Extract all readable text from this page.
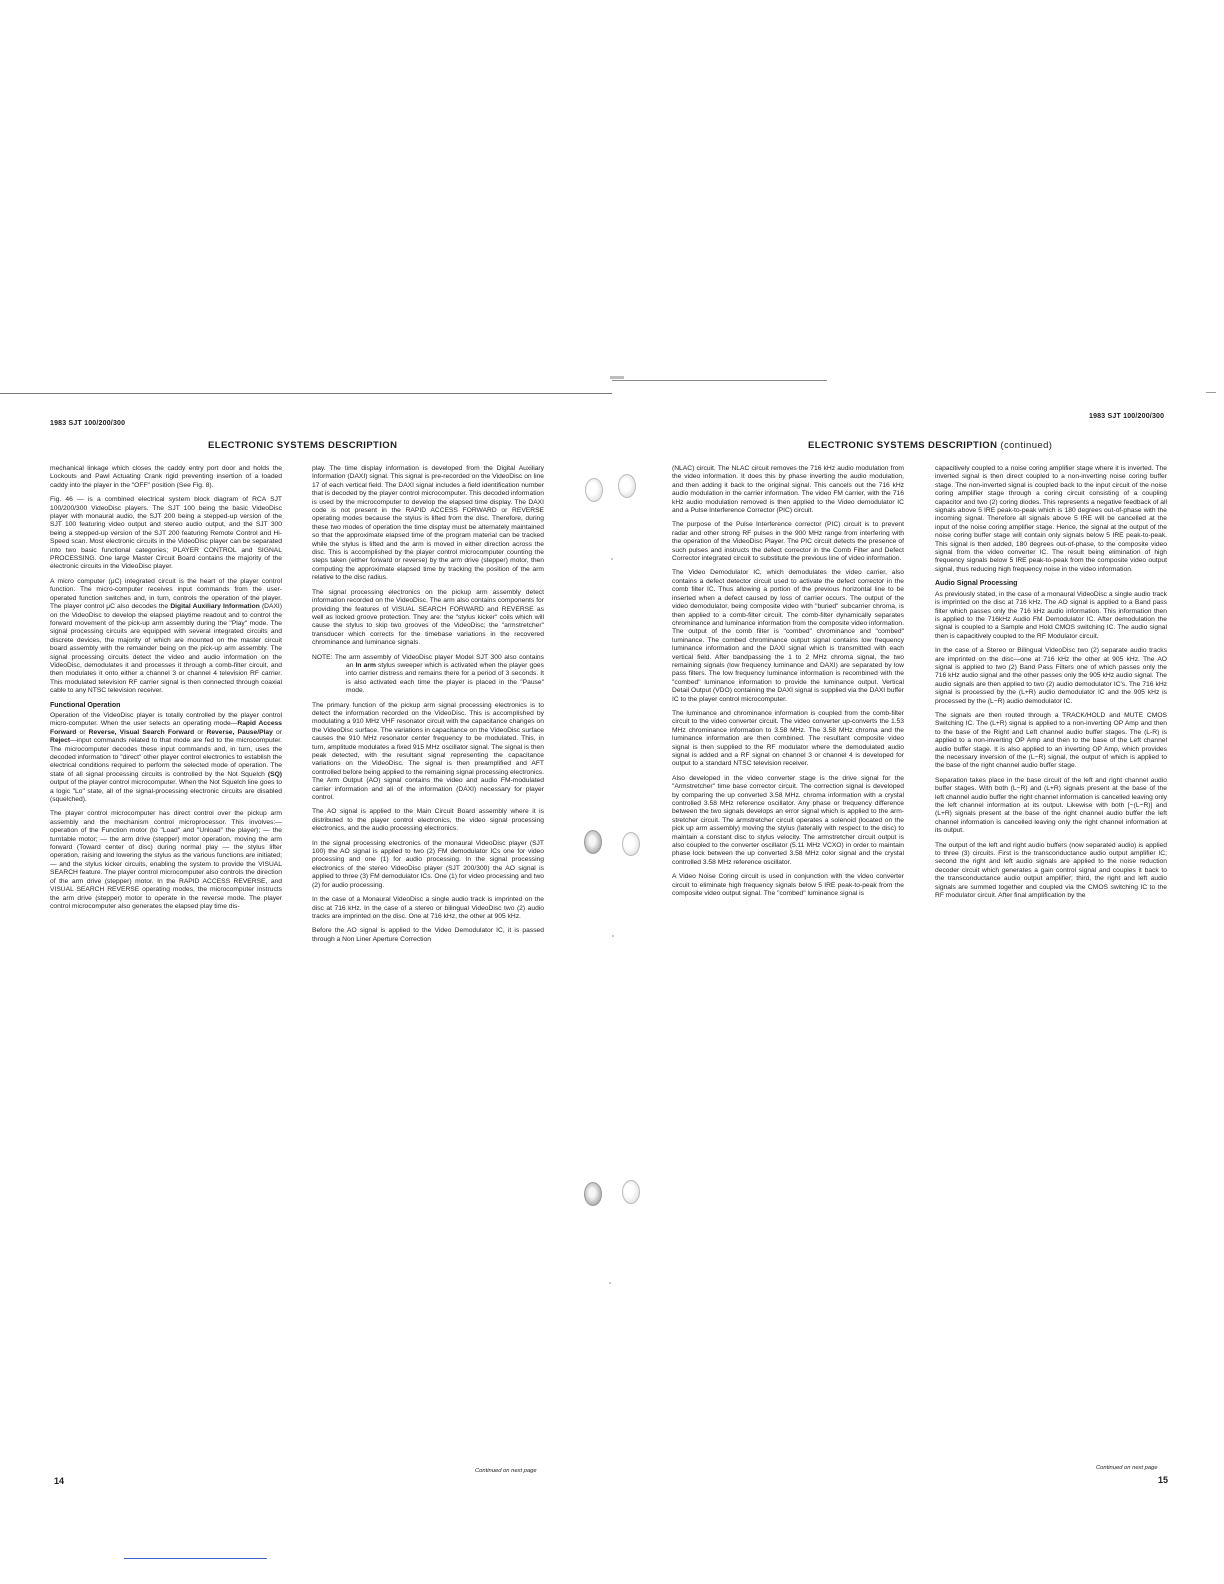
1983 SJT 100/200/300
ELECTRONIC SYSTEMS DESCRIPTION

mechanical linkage which closes the caddy entry port door and holds the Lockouts and Pawl Actuating Crank rigid preventing insertion of a loaded caddy into the player in the "OFF" position (See Fig. 8).

Fig. 46 — is a combined electrical system block diagram of RCA SJT 100/200/300 VideoDisc players. The SJT 100 being the basic VideoDisc player with monaural audio, the SJT 200 being a stepped-up version of the SJT 100 featuring video output and stereo audio output, and the SJT 300 being a stepped-up version of the SJT 200 featuring Remote Control and Hi-Speed scan. Most electronic circuits in the VideoDisc player can be separated into two basic functional categories; PLAYER CONTROL and SIGNAL PROCESSING. One large Master Circuit Board contains the majority of the electronic circuits in the VideoDisc player.

A micro computer (μC) integrated circuit is the heart of the player control function. The micro-computer receives input commands from the user-operated function switches and, in turn, controls the operation of the player. The player control μC also decodes the Digital Auxiliary Information (DAXI) on the VideoDisc to develop the elapsed playtime readout and to control the forward movement of the pick-up arm assembly during the "Play" mode. The signal processing circuits are equipped with several integrated circuits and discrete devices, the majority of which are mounted on the master circuit board assembly with the remainder being on the pick-up arm assembly. The signal processing circuits detect the video and audio information on the VideoDisc, demodulates it and processes it through a comb-filter circuit, and then modulates it onto either a channel 3 or channel 4 television RF carrier. This modulated television RF carrier signal is then connected through coaxial cable to any NTSC television receiver.

Functional Operation

Operation of the VideoDisc player is totally controlled by the player control micro-computer. When the user selects an operating mode—Rapid Access Forward or Reverse, Visual Search Forward or Reverse, Pause/Play or Reject—input commands related to that mode are fed to the microcomputer. The microcomputer decodes these input commands and, in turn, uses the decoded information to "direct" other player control electronics to establish the electrical conditions required to perform the selected mode of operation. The state of all signal processing circuits is controlled by the Not Squelch (SQ) output of the player control microcomputer. When the Not Squelch line goes to a logic "Lo" state, all of the signal-processing electronic circuits are disabled (squelched).

The player control microcomputer has direct control over the pickup arm assembly and the mechanism control microprocessor. This involves:—operation of the Function motor (to "Load" and "Unload" the player); — the turntable motor; — the arm drive (stepper) motor operation, moving the arm forward (Toward center of disc) during normal play — the stylus lifter operation, raising and lowering the stylus as the various functions are initiated; — and the stylus kicker circuits, enabling the system to provide the VISUAL SEARCH feature. The player control microcomputer also controls the direction of the arm drive (stepper) motor. In the RAPID ACCESS REVERSE, and VISUAL SEARCH REVERSE operating modes, the microcomputer instructs the arm drive (stepper) motor to operate in the reverse mode. The player control microcomputer also generates the elapsed play time dis-

play. The time display information is developed from the Digital Auxiliary Information (DAXI) signal. This signal is pre-recorded on the VideoDisc on line 17 of each vertical field. The DAXI signal includes a field identification number that is decoded by the player control microcomputer. This decoded information is used by the microcomputer to develop the elapsed time display. The DAXI code is not present in the RAPID ACCESS FORWARD or REVERSE operating modes because the stylus is lifted from the disc. Therefore, during these two modes of operation the time display must be alternately maintained so that the approximate elapsed time of the program material can be tracked while the stylus is lifted and the arm is moved in either direction across the disc. This is accomplished by the player control microcomputer counting the steps taken (either forward or reverse) by the arm drive (stepper) motor, then computing the approximate elapsed time by tracking the position of the arm relative to the disc radius.

The signal processing electronics on the pickup arm assembly detect information recorded on the VideoDisc. The arm also contains components for providing the features of VISUAL SEARCH FORWARD and REVERSE as well as locked groove protection. They are: the "stylus kicker" coils which will cause the stylus to skip two grooves of the VideoDisc; the "armstretcher" transducer which corrects for the timebase variations in the recovered chrominance and luminance signals.

NOTE: The arm assembly of VideoDisc player Model SJT 300 also contains an In arm stylus sweeper which is activated when the player goes into carrier distress and remains there for a period of 3 seconds. It is also activated each time the player is placed in the "Pause" mode.

The primary function of the pickup arm signal processing electronics is to detect the information recorded on the VideoDisc. This is accomplished by modulating a 910 MHz VHF resonator circuit with the capacitance changes on the VideoDisc surface. The variations in capacitance on the VideoDisc surface causes the 910 MHz resonator center frequency to be modulated. This, in turn, amplitude modulates a fixed 915 MHz oscillator signal. The signal is then peak detected, with the resultant signal representing the capacitance variations on the VideoDisc. The signal is then preamplified and AFT controlled before being applied to the remaining signal processing electronics. The Arm Output (AO) signal contains the video and audio FM-modulated carrier information and all of the information (DAXI) necessary for player control.

The AO signal is applied to the Main Circuit Board assembly where it is distributed to the player control electronics, the video signal processing electronics, and the audio processing electronics.

In the signal processing electronics of the monaural VideoDisc player (SJT 100) the AO signal is applied to two (2) FM demodulator ICs one for video processing and one (1) for audio processing. In the signal processing electronics of the stereo VideoDisc player (SJT 200/300) the AO signal is applied to three (3) FM demodulator ICs. One (1) for video processing and two (2) for audio processing.

In the case of a Monaural VideoDisc a single audio track is imprinted on the disc at 716 kHz. In the case of a stereo or bilingual VideoDisc two (2) audio tracks are imprinted on the disc. One at 716 kHz, the other at 905 kHz.

Before the AO signal is applied to the Video Demodulator IC, it is passed through a Non Liner Aperture Correction

Continued on next page
14
1983 SJT 100/200/300
ELECTRONIC SYSTEMS DESCRIPTION (continued)

(NLAC) circuit. The NLAC circuit removes the 716 kHz audio modulation from the video information. It does this by phase inverting the audio modulation, and then adding it back to the original signal. This cancels out the 716 kHz audio modulation in the carrier information. The video FM carrier, with the 716 kHz audio modulation removed is then applied to the Video demodulator IC and a Pulse Interference Corrector (PIC) circuit.

The purpose of the Pulse Interference corrector (PIC) circuit is to prevent radar and other strong RF pulses in the 900 MHz range from interfering with the operation of the VideoDisc Player. The PIC circuit detects the presence of such pulses and instructs the defect corrector in the Comb Filter and Defect Corrector integrated circuit to substitute the previous line of video information.

The Video Demodulator IC, which demodulates the video carrier, also contains a defect detector circuit used to activate the defect corrector in the comb filter IC. Thus allowing a portion of the previous horizontal line to be inserted when a defect caused by loss of carrier occurs. The output of the video demodulator, being composite video with "buried" subcarrier chroma, is then applied to a comb-filter circuit. The comb-filter dynamically separates chrominance and luminance information from the composite video information. The output of the comb filter is "combed" chrominance and "combed" luminance. The combed chrominance output signal contains low frequency luminance information and the DAXI signal which is transmitted with each vertical field. After bandpassing the 1 to 2 MHz chroma signal, the two remaining signals (low frequency luminance and DAXI) are separated by low pass filters. The low frequency luminance information is recombined with the "combed" luminance information to provide the luminance output. Vertical Detail Output (VDO) containing the DAXI signal is supplied via the DAXI buffer IC to the player control microcomputer.

The luminance and chrominance information is coupled from the comb-filter circuit to the video converter circuit. The video converter up-converts the 1.53 MHz chrominance information to 3.58 MHz. The 3.58 MHz chroma and the luminance information are then combined. The resultant composite video signal is then supplied to the RF modulator where the demodulated audio signal is added and a RF signal on channel 3 or channel 4 is developed for output to a standard NTSC television receiver.

Also developed in the video converter stage is the drive signal for the "Armstretcher" time base corrector circuit. The correction signal is developed by comparing the up converted 3.58 MHz. chroma information with a crystal controlled 3.58 MHz reference oscillator. Any phase or frequency difference between the two signals develops an error signal which is applied to the arm-stretcher circuit. The armstretcher circuit operates a solenoid (located on the pick up arm assembly) moving the stylus (laterally with respect to the disc) to maintain a constant disc to stylus velocity. The armstretcher circuit output is also coupled to the converter oscillator (5.11 MHz VCXO) in order to maintain phase lock between the up converted 3.58 MHz color signal and the crystal controlled 3.58 MHz reference oscillator.

A Video Noise Coring circuit is used in conjunction with the video converter circuit to eliminate high frequency signals below 5 IRE peak-to-peak from the composite video output signal. The "combed" luminance signal is

capacitively coupled to a noise coring amplifier stage where it is inverted. The inverted signal is then direct coupled to a non-inverting noise coring buffer stage. The non-inverted signal is coupled back to the input circuit of the noise coring amplifier stage through a coring circuit consisting of a coupling capacitor and two (2) coring diodes. This represents a negative feedback of all signals above 5 IRE peak-to-peak which is 180 degrees out-of-phase with the incoming signal. Therefore all signals above 5 IRE will be cancelled at the input of the noise coring amplifier stage. Hence, the signal at the output of the noise coring buffer stage will contain only signals below 5 IRE peak-to-peak. This signal is then added, 180 degrees out-of-phase, to the composite video signal from the video converter IC. The result being elimination of high frequency signals below 5 IRE peak-to-peak from the composite video output signal, thus reducing high frequency noise in the video information.

Audio Signal Processing

As previously stated, in the case of a monaural VideoDisc a single audio track is imprinted on the disc at 716 kHz. The AO signal is applied to a Band pass filter which passes only the 716 kHz audio information. This information then is applied to the 716kHz Audio FM Demodulator IC. After demodulation the signal is coupled to a Sample and Hold CMOS switching IC. The audio signal then is capacitively coupled to the RF Modulator circuit.

In the case of a Stereo or Bilingual VideoDisc two (2) separate audio tracks are imprinted on the disc—one at 716 kHz the other at 905 kHz. The AO signal is applied to two (2) Band Pass Filters one of which passes only the 716 kHz audio signal and the other passes only the 905 kHz audio signal. The audio signals are then applied to two (2) audio demodulator IC's. The 716 kHz signal is processed by the (L+R) audio demodulator IC and the 905 kHz is processed by the (L−R) audio demodulator IC.

The signals are then routed through a TRACK/HOLD and MUTE CMOS Switching IC. The (L+R) signal is applied to a non-inverting OP Amp and then to the base of the Right and Left channel audio buffer stages. The (L-R) is applied to a non-inverting OP Amp and then to the base of the Left channel audio buffer stage. It is also applied to an inverting OP Amp, which provides the necessary inversion of the (L−R) signal, the output of which is applied to the base of the right channel audio buffer stage.

Separation takes place in the base circuit of the left and right channel audio buffer stages. With both (L−R) and (L+R) signals present at the base of the left channel audio buffer the right channel information is cancelled leaving only the left channel information at its output. Likewise with both [−(L−R)] and (L+R) signals present at the base of the right channel audio buffer the left channel information is cancelled leaving only the right channel information at its output.

The output of the left and right audio buffers (now separated audio) is applied to three (3) circuits. First is the transconductance audio output amplifier IC; second the right and left audio signals are applied to the noise reduction decoder circuit which generates a gain control signal and couples it back to the transconductance audio output amplifier; third, the right and left audio signals are summed together and coupled via the CMOS switching IC to the RF modulator circuit. After final amplification by the

Continued on next page
15
